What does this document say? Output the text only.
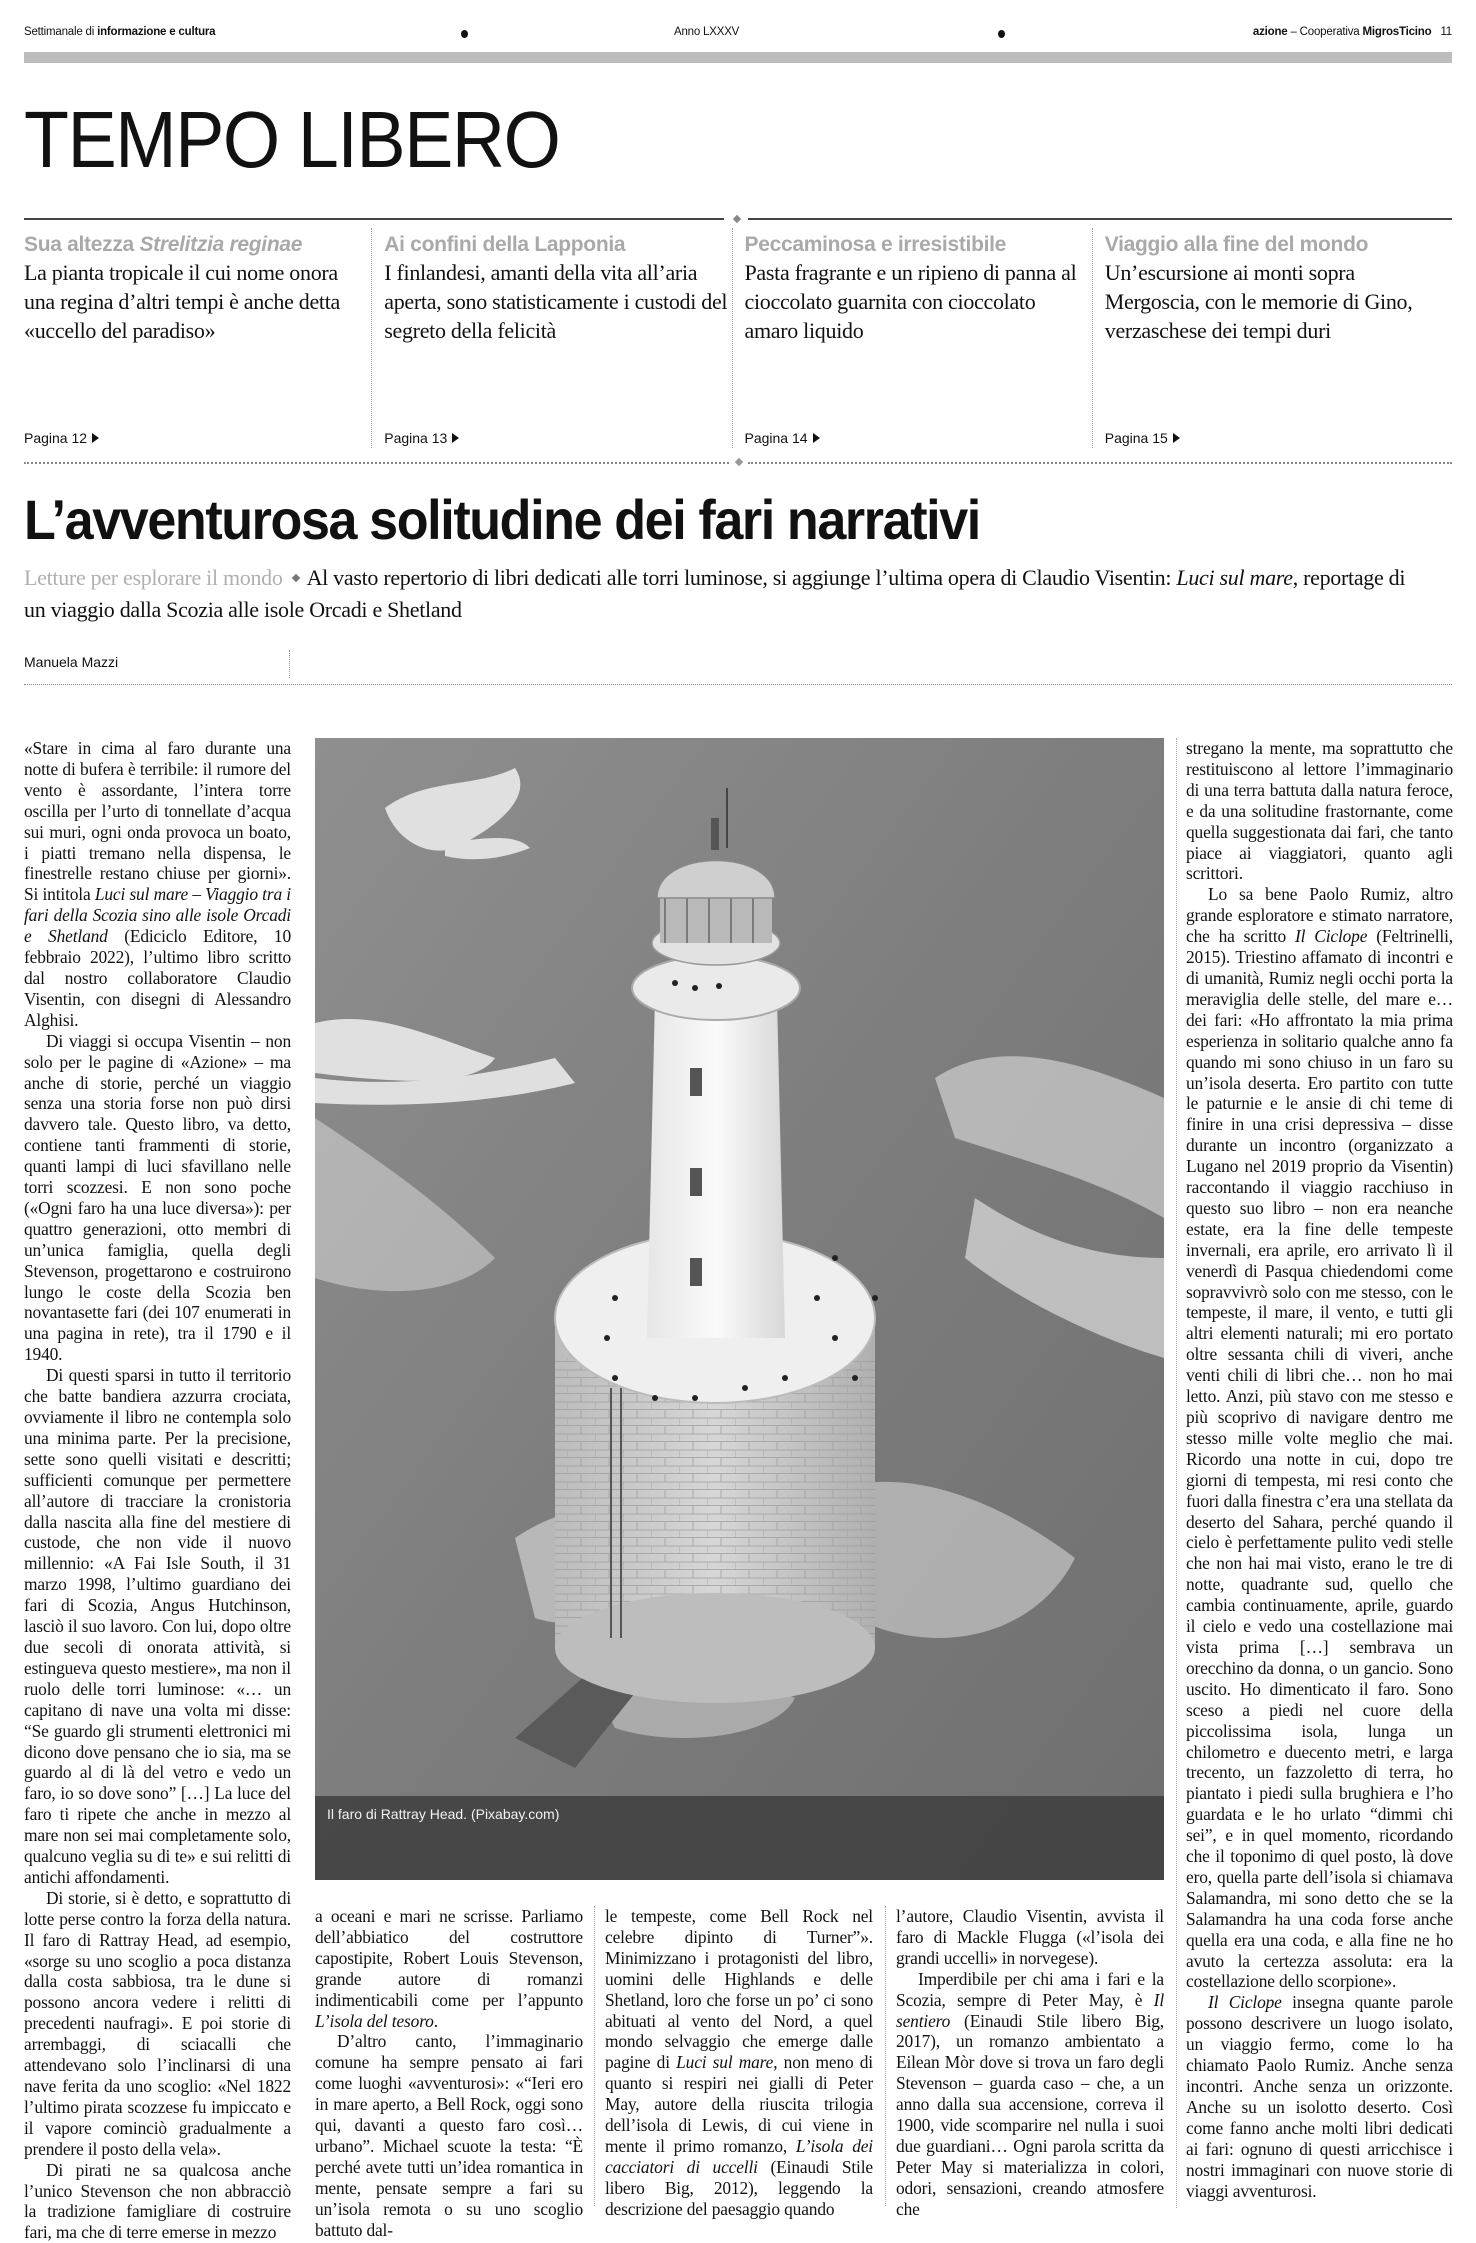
Settimanale di informazione e cultura	Anno LXXXV	azione – Cooperativa MigrosTicino 11
TEMPO LIBERO
Sua altezza Strelitzia reginae
La pianta tropicale il cui nome onora una regina d’altri tempi è anche detta «uccello del paradiso»
Pagina 12
Ai confini della Lapponia
I finlandesi, amanti della vita all’aria aperta, sono statisticamente i custodi del segreto della felicità
Pagina 13
Peccaminosa e irresistibile
Pasta fragrante e un ripieno di panna al cioccolato guarnita con cioccolato amaro liquido
Pagina 14
Viaggio alla fine del mondo
Un’escursione ai monti sopra Mergoscia, con le memorie di Gino, verzaschese dei tempi duri
Pagina 15
L’avventurosa solitudine dei fari narrativi
Letture per esplorare il mondo Al vasto repertorio di libri dedicati alle torri luminose, si aggiunge l’ultima opera di Claudio Visentin: Luci sul mare, reportage di un viaggio dalla Scozia alle isole Orcadi e Shetland
Manuela Mazzi

«Stare in cima al faro durante una notte di bufera è terribile: il rumore del vento è assordante, l’intera torre oscilla per l’urto di tonnellate d’acqua sui muri, ogni onda provoca un boato, i piatti tremano nella dispensa, le finestrelle restano chiuse per giorni». Si intitola Luci sul mare – Viaggio tra i fari della Scozia sino alle isole Orcadi e Shetland (Ediciclo Editore, 10 febbraio 2022), l’ultimo libro scritto dal nostro collaboratore Claudio Visentin, con disegni di Alessandro Alghisi.

Di viaggi si occupa Visentin – non solo per le pagine di «Azione» – ma anche di storie, perché un viaggio senza una storia forse non può dirsi davvero tale. Questo libro, va detto, contiene tanti frammenti di storie, quanti lampi di luci sfavillano nelle torri scozzesi. E non sono poche («Ogni faro ha una luce diversa»): per quattro generazioni, otto membri di un’unica famiglia, quella degli Stevenson, progettarono e costruirono lungo le coste della Scozia ben novantasette fari (dei 107 enumerati in una pagina in rete), tra il 1790 e il 1940.

Di questi sparsi in tutto il territorio che batte bandiera azzurra crociata, ovviamente il libro ne contempla solo una minima parte. Per la precisione, sette sono quelli visitati e descritti; sufficienti comunque per permettere all’autore di tracciare la cronistoria dalla nascita alla fine del mestiere di custode, che non vide il nuovo millennio: «A Fai Isle South, il 31 marzo 1998, l’ultimo guardiano dei fari di Scozia, Angus Hutchinson, lasciò il suo lavoro. Con lui, dopo oltre due secoli di onorata attività, si estingueva questo mestiere», ma non il ruolo delle torri luminose: «… un capitano di nave una volta mi disse: “Se guardo gli strumenti elettronici mi dicono dove pensano che io sia, ma se guardo al di là del vetro e vedo un faro, io so dove sono” […] La luce del faro ti ripete che anche in mezzo al mare non sei mai completamente solo, qualcuno veglia su di te» e sui relitti di antichi affondamenti.

Di storie, si è detto, e soprattutto di lotte perse contro la forza della natura. Il faro di Rattray Head, ad esempio, «sorge su uno scoglio a poca distanza dalla costa sabbiosa, tra le dune si possono ancora vedere i relitti di precedenti naufragi». E poi storie di arrembaggi, di sciacalli che attendevano solo l’inclinarsi di una nave ferita da uno scoglio: «Nel 1822 l’ultimo pirata scozzese fu impiccato e il vapore cominciò gradualmente a prendere il posto della vela».

Di pirati ne sa qualcosa anche l’unico Stevenson che non abbracciò la tradizione famigliare di costruire fari, ma che di terre emerse in mezzo

Il faro di Rattray Head. (Pixabay.com)

a oceani e mari ne scrisse. Parliamo dell’abbiatico del costruttore capostipite, Robert Louis Stevenson, grande autore di romanzi indimenticabili come per l’appunto L’isola del tesoro.

D’altro canto, l’immaginario comune ha sempre pensato ai fari come luoghi «avventurosi»: «“Ieri ero in mare aperto, a Bell Rock, oggi sono qui, davanti a questo faro così… urbano”. Michael scuote la testa: “È perché avete tutti un’idea romantica in mente, pensate sempre a fari su un’isola remota o su uno scoglio battuto dal-

le tempeste, come Bell Rock nel celebre dipinto di Turner”». Minimizzano i protagonisti del libro, uomini delle Highlands e delle Shetland, loro che forse un po’ ci sono abituati al vento del Nord, a quel mondo selvaggio che emerge dalle pagine di Luci sul mare, non meno di quanto si respiri nei gialli di Peter May, autore della riuscita trilogia dell’isola di Lewis, di cui viene in mente il primo romanzo, L’isola dei cacciatori di uccelli (Einaudi Stile libero Big, 2012), leggendo la descrizione del paesaggio quando

l’autore, Claudio Visentin, avvista il faro di Mackle Flugga («l’isola dei grandi uccelli» in norvegese).

Imperdibile per chi ama i fari e la Scozia, sempre di Peter May, è Il sentiero (Einaudi Stile libero Big, 2017), un romanzo ambientato a Eilean Mòr dove si trova un faro degli Stevenson – guarda caso – che, a un anno dalla sua accensione, correva il 1900, vide scomparire nel nulla i suoi due guardiani… Ogni parola scritta da Peter May si materializza in colori, odori, sensazioni, creando atmosfere che

stregano la mente, ma soprattutto che restituiscono al lettore l’immaginario di una terra battuta dalla natura feroce, e da una solitudine frastornante, come quella suggestionata dai fari, che tanto piace ai viaggiatori, quanto agli scrittori.

Lo sa bene Paolo Rumiz, altro grande esploratore e stimato narratore, che ha scritto Il Ciclope (Feltrinelli, 2015). Triestino affamato di incontri e di umanità, Rumiz negli occhi porta la meraviglia delle stelle, del mare e… dei fari: «Ho affrontato la mia prima esperienza in solitario qualche anno fa quando mi sono chiuso in un faro su un’isola deserta. Ero partito con tutte le paturnie e le ansie di chi teme di finire in una crisi depressiva – disse durante un incontro (organizzato a Lugano nel 2019 proprio da Visentin) raccontando il viaggio racchiuso in questo suo libro – non era neanche estate, era la fine delle tempeste invernali, era aprile, ero arrivato lì il venerdì di Pasqua chiedendomi come sopravvivrò solo con me stesso, con le tempeste, il mare, il vento, e tutti gli altri elementi naturali; mi ero portato oltre sessanta chili di viveri, anche venti chili di libri che… non ho mai letto. Anzi, più stavo con me stesso e più scoprivo di navigare dentro me stesso mille volte meglio che mai. Ricordo una notte in cui, dopo tre giorni di tempesta, mi resi conto che fuori dalla finestra c’era una stellata da deserto del Sahara, perché quando il cielo è perfettamente pulito vedi stelle che non hai mai visto, erano le tre di notte, quadrante sud, quello che cambia continuamente, aprile, guardo il cielo e vedo una costellazione mai vista prima […] sembrava un orecchino da donna, o un gancio. Sono uscito. Ho dimenticato il faro. Sono sceso a piedi nel cuore della piccolissima isola, lunga un chilometro e duecento metri, e larga trecento, un fazzoletto di terra, ho piantato i piedi sulla brughiera e l’ho guardata e le ho urlato “dimmi chi sei”, e in quel momento, ricordando che il toponimo di quel posto, là dove ero, quella parte dell’isola si chiamava Salamandra, mi sono detto che se la Salamandra ha una coda forse anche quella era una coda, e alla fine ne ho avuto la certezza assoluta: era la costellazione dello scorpione».

Il Ciclope insegna quante parole possono descrivere un luogo isolato, un viaggio fermo, come lo ha chiamato Paolo Rumiz. Anche senza incontri. Anche senza un orizzonte. Anche su un isolotto deserto. Così come fanno anche molti libri dedicati ai fari: ognuno di questi arricchisce i nostri immaginari con nuove storie di viaggi avventurosi.
